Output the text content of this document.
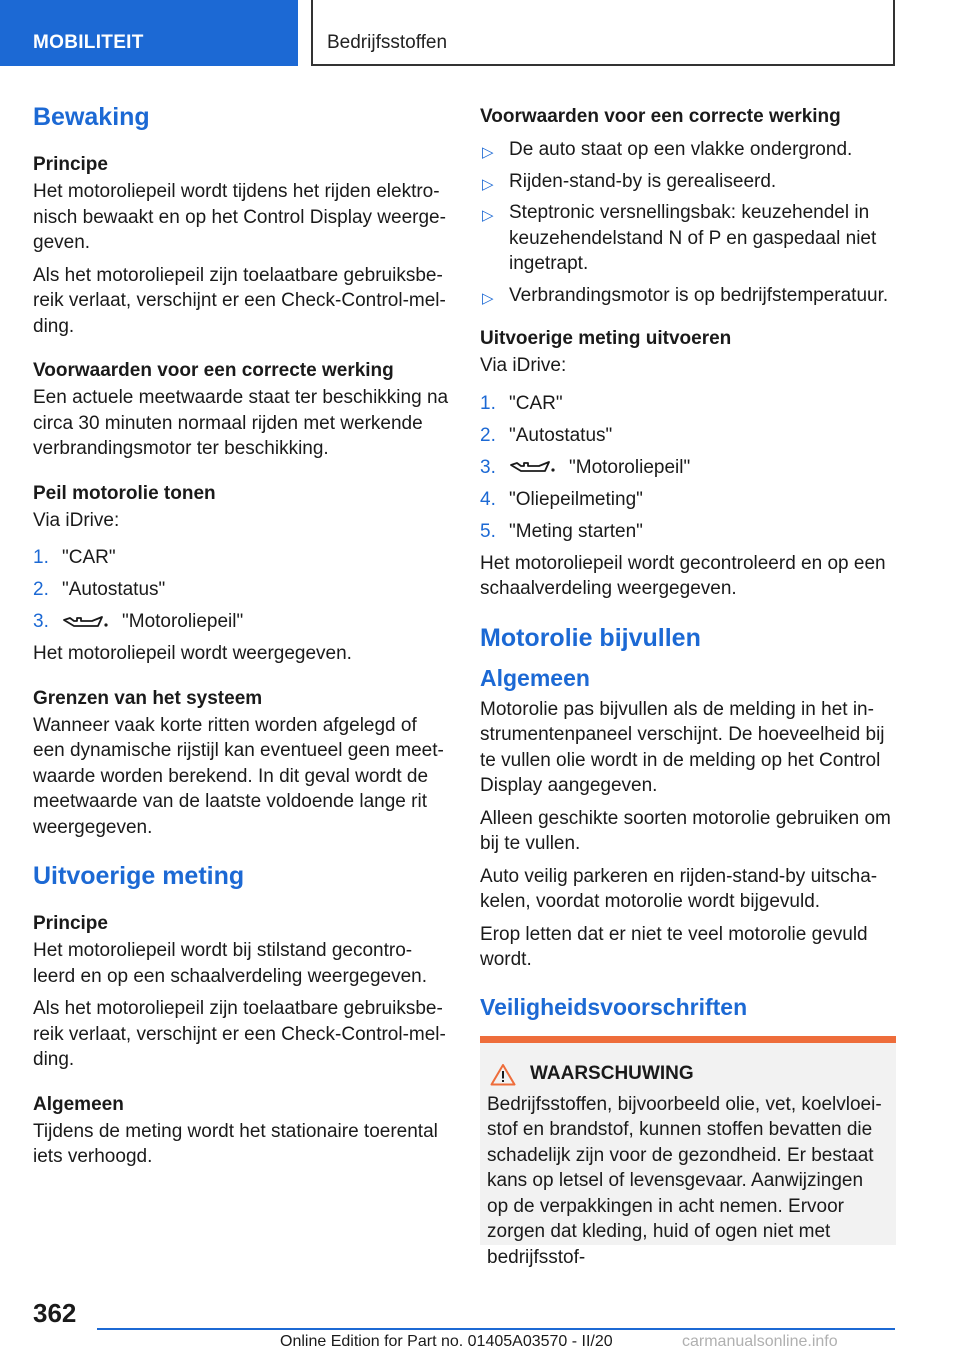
MOBILITEIT	Bedrijfsstoffen
Bewaking
Principe

Het motoroliepeil wordt tijdens het rijden elektro-nisch bewaakt en op het Control Display weerge-geven.

Als het motoroliepeil zijn toelaatbare gebruiksbe-reik verlaat, verschijnt er een Check-Control-mel-ding.

Voorwaarden voor een correcte werking

Een actuele meetwaarde staat ter beschikking na circa 30 minuten normaal rijden met werkende verbrandingsmotor ter beschikking.

Peil motorolie tonen

Via iDrive:

1. "CAR"
2. "Autostatus"
3.	"Motoroliepeil"

Het motoroliepeil wordt weergegeven.

Grenzen van het systeem

Wanneer vaak korte ritten worden afgelegd of een dynamische rijstijl kan eventueel geen meet-waarde worden berekend. In dit geval wordt de meetwaarde van de laatste voldoende lange rit weergegeven.

Uitvoerige meting
Principe

Het motoroliepeil wordt bij stilstand gecontro-leerd en op een schaalverdeling weergegeven.

Als het motoroliepeil zijn toelaatbare gebruiksbe-reik verlaat, verschijnt er een Check-Control-mel-ding.

Algemeen

Tijdens de meting wordt het stationaire toerental iets verhoogd.

Voorwaarden voor een correcte werking
▷ De auto staat op een vlakke ondergrond.
▷ Rijden-stand-by is gerealiseerd.
▷ Steptronic versnellingsbak: keuzehendel in keuzehendelstand N of P en gaspedaal niet ingetrapt.
▷ Verbrandingsmotor is op bedrijfstemperatuur.
Uitvoerige meting uitvoeren

Via iDrive:

1. "CAR"
2. "Autostatus"
3.	"Motoroliepeil"
4. "Oliepeilmeting"
5. "Meting starten"

Het motoroliepeil wordt gecontroleerd en op een schaalverdeling weergegeven.

Motorolie bijvullen
Algemeen

Motorolie pas bijvullen als de melding in het in-strumentenpaneel verschijnt. De hoeveelheid bij te vullen olie wordt in de melding op het Control Display aangegeven.

Alleen geschikte soorten motorolie gebruiken om bij te vullen.

Auto veilig parkeren en rijden-stand-by uitscha-kelen, voordat motorolie wordt bijgevuld.

Erop letten dat er niet te veel motorolie gevuld wordt.

Veiligheidsvoorschriften
WAARSCHUWING

Bedrijfsstoffen, bijvoorbeeld olie, vet, koelvloei-stof en brandstof, kunnen stoffen bevatten die schadelijk zijn voor de gezondheid. Er bestaat kans op letsel of levensgevaar. Aanwijzingen op de verpakkingen in acht nemen. Ervoor zorgen dat kleding, huid of ogen niet met bedrijfsstof-

362
Online Edition for Part no. 01405A03570 - II/20	carmanualsonline.info
